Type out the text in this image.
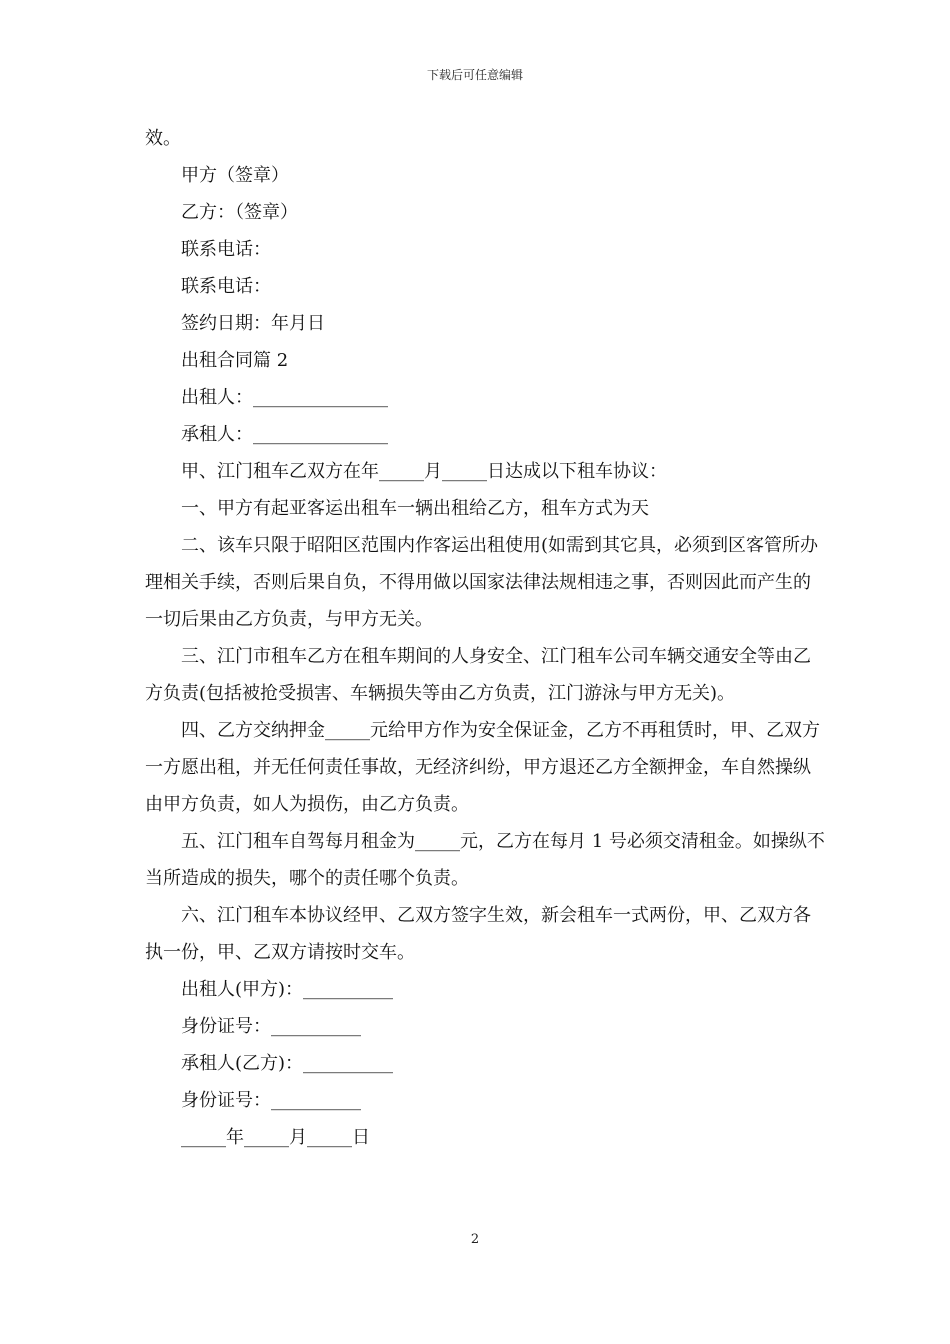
下载后可任意编辑

效。

甲方（签章）

乙方：（签章）

联系电话：

联系电话：

签约日期：年月日

出租合同篇 2

出租人：_______________

承租人：_______________

甲、江门租车乙双方在年_____月_____日达成以下租车协议：

一、甲方有起亚客运出租车一辆出租给乙方，租车方式为天

二、该车只限于昭阳区范围内作客运出租使用(如需到其它具，必须到区客管所办理相关手续，否则后果自负，不得用做以国家法律法规相违之事，否则因此而产生的一切后果由乙方负责，与甲方无关。

三、江门市租车乙方在租车期间的人身安全、江门租车公司车辆交通安全等由乙方负责(包括被抢受损害、车辆损失等由乙方负责，江门游泳与甲方无关)。

四、乙方交纳押金_____元给甲方作为安全保证金，乙方不再租赁时，甲、乙双方一方愿出租，并无任何责任事故，无经济纠纷，甲方退还乙方全额押金，车自然操纵由甲方负责，如人为损伤，由乙方负责。

五、江门租车自驾每月租金为_____元，乙方在每月 1 号必须交清租金。如操纵不当所造成的损失，哪个的责任哪个负责。

六、江门租车本协议经甲、乙双方签字生效，新会租车一式两份，甲、乙双方各执一份，甲、乙双方请按时交车。

出租人(甲方)：__________

身份证号：__________

承租人(乙方)：__________

身份证号：__________

_____年_____月_____日

2
